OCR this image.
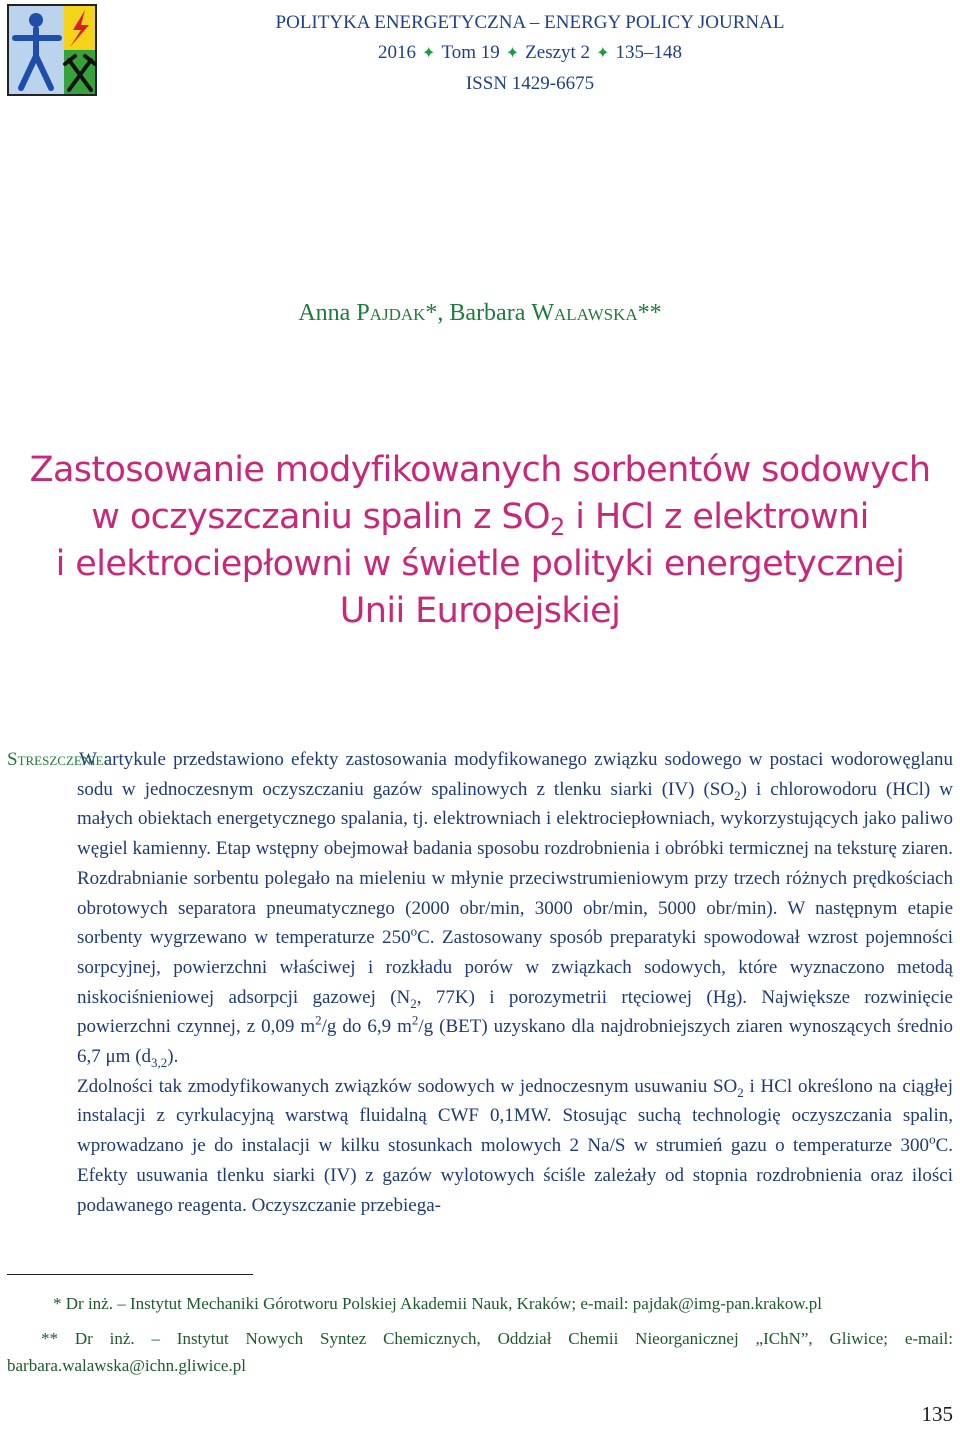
POLITYKA ENERGETYCZNA – ENERGY POLICY JOURNAL
2016 ✦ Tom 19 ✦ Zeszyt 2 ✦ 135–148
ISSN 1429-6675
Anna Pajdak*, Barbara Walawska**
Zastosowanie modyfikowanych sorbentów sodowych
w oczyszczaniu spalin z $SO_2$ i HCl z elektrowni
i elektrociepłowni w świetle polityki energetycznej
Unii Europejskiej
Streszczenie:

W artykule przedstawiono efekty zastosowania modyfikowanego związku sodowego w postaci wodorowęglanu sodu w jednoczesnym oczyszczaniu gazów spalinowych z tlenku siarki (IV) $(SO_2)$ i chlorowodoru (HCl) w małych obiektach energetycznego spalania, tj. elektrowniach i elektrociepłowniach, wykorzystujących jako paliwo węgiel kamienny. Etap wstępny obejmował badania sposobu rozdrobnienia i obróbki termicznej na teksturę ziaren. Rozdrabnianie sorbentu polegało na mieleniu w młynie przeciwstrumieniowym przy trzech różnych prędkościach obrotowych separatora pneumatycznego (2000 obr/min, 3000 obr/min, 5000 obr/min). W następnym etapie sorbenty wygrzewano w temperaturze 250$^o$C. Zastosowany sposób preparatyki spowodował wzrost pojemności sorpcyjnej, powierzchni właściwej i rozkładu porów w związkach sodowych, które wyznaczono metodą niskociśnieniowej adsorpcji gazowej ($N_2$, 77K) i porozymetrii rtęciowej (Hg). Największe rozwinięcie powierzchni czynnej, z 0,09 $m^2/g$ do 6,9 $m^2/g$ (BET) uzyskano dla najdrobniejszych ziaren wynoszących średnio 6,7 μm $(d_{3,2})$.

Zdolności tak zmodyfikowanych związków sodowych w jednoczesnym usuwaniu $SO_2$ i HCl określono na ciągłej instalacji z cyrkulacyjną warstwą fluidalną CWF 0,1MW. Stosując suchą technologię oczyszczania spalin, wprowadzano je do instalacji w kilku stosunkach molowych 2 Na/S w strumień gazu o temperaturze 300$^o$C. Efekty usuwania tlenku siarki (IV) z gazów wylotowych ściśle zależały od stopnia rozdrobnienia oraz ilości podawanego reagenta. Oczyszczanie przebiega-

* Dr inż. – Instytut Mechaniki Górotworu Polskiej Akademii Nauk, Kraków; e-mail: pajdak@img-pan.krakow.pl

** Dr inż. – Instytut Nowych Syntez Chemicznych, Oddział Chemii Nieorganicznej „IChN”, Gliwice; e-mail: barbara.walawska@ichn.gliwice.pl

135
